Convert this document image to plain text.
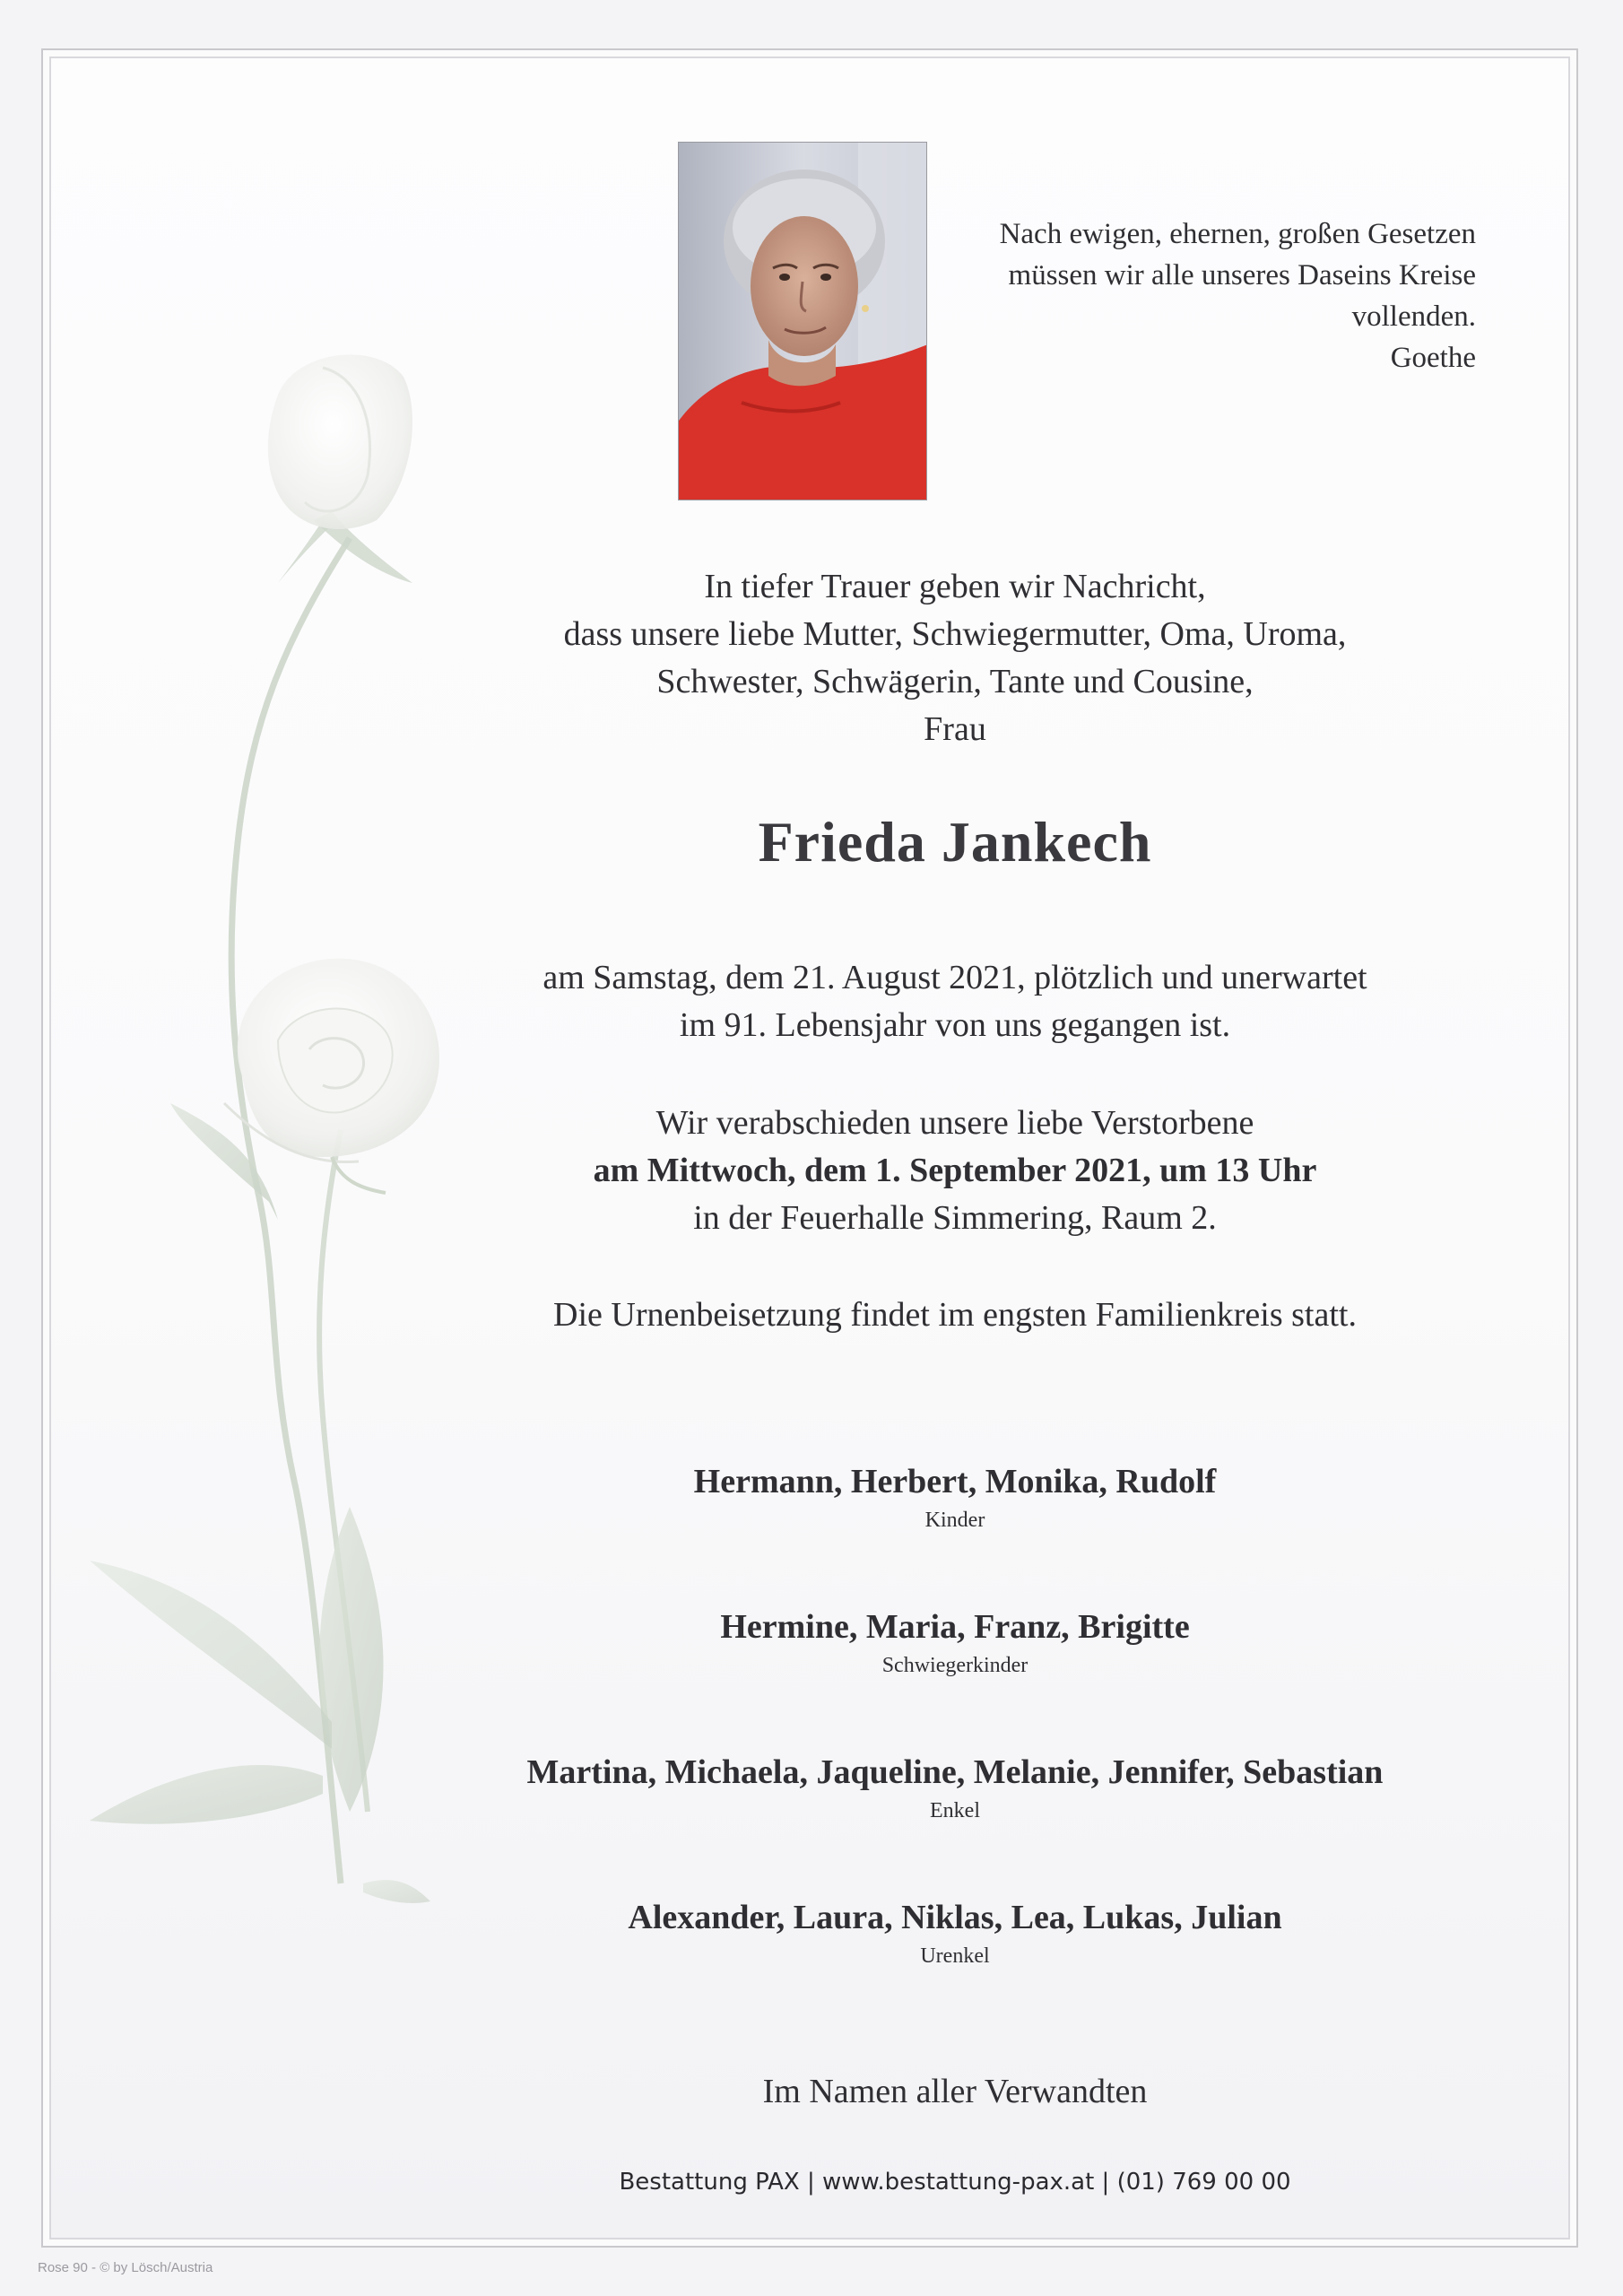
Nach ewigen, ehernen, großen Gesetzen
müssen wir alle unseres Daseins Kreise
vollenden.
Goethe
In tiefer Trauer geben wir Nachricht,
dass unsere liebe Mutter, Schwiegermutter, Oma, Uroma,
Schwester, Schwägerin, Tante und Cousine,
Frau
Frieda Jankech
am Samstag, dem 21. August 2021, plötzlich und unerwartet
im 91. Lebensjahr von uns gegangen ist.
Wir verabschieden unsere liebe Verstorbene
am Mittwoch, dem 1. September 2021, um 13 Uhr
in der Feuerhalle Simmering, Raum 2.
Die Urnenbeisetzung findet im engsten Familienkreis statt.
Hermann, Herbert, Monika, Rudolf
Kinder
Hermine, Maria, Franz, Brigitte
Schwiegerkinder
Martina, Michaela, Jaqueline, Melanie, Jennifer, Sebastian
Enkel
Alexander, Laura, Niklas, Lea, Lukas, Julian
Urenkel
Im Namen aller Verwandten
Bestattung PAX | www.bestattung-pax.at | (01) 769 00 00
Rose 90 - © by Lösch/Austria
